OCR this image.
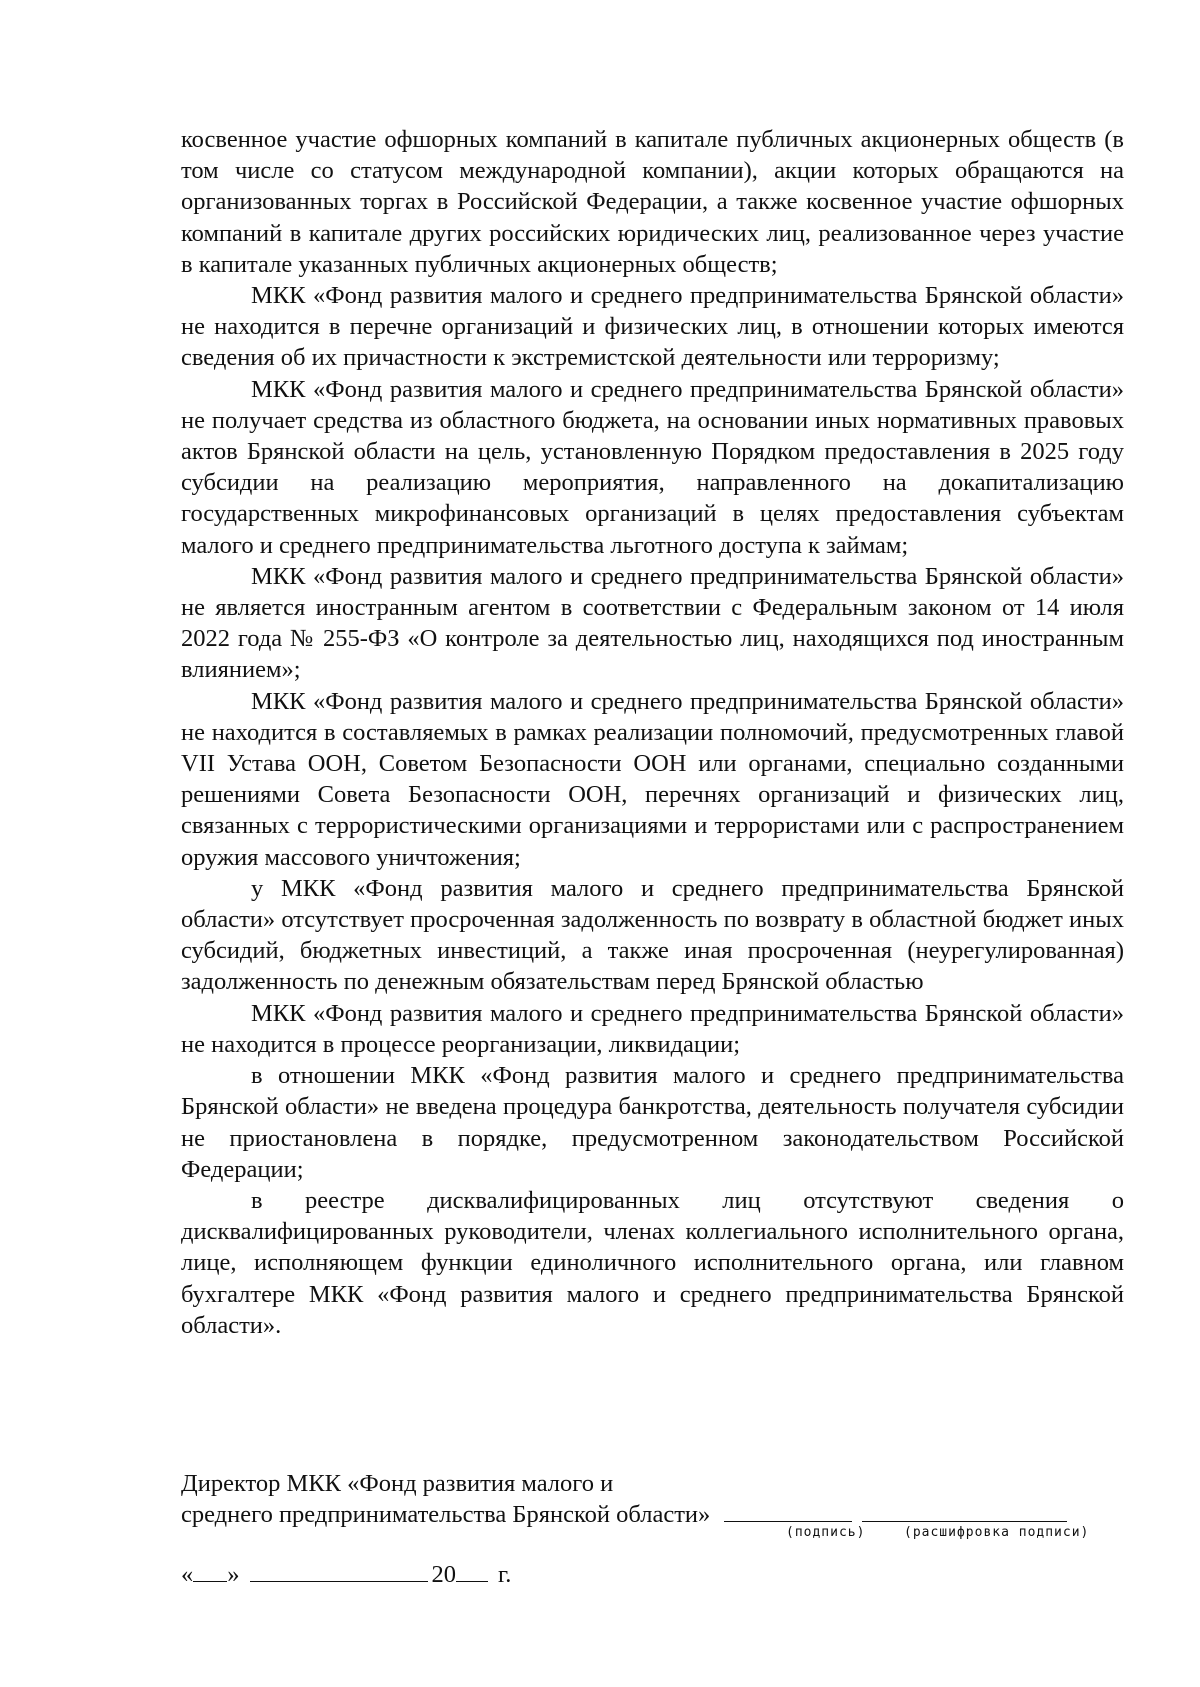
косвенное участие офшорных компаний в капитале публичных акционерных обществ (в том числе со статусом международной компании), акции которых обращаются на организованных торгах в Российской Федерации, а также косвенное участие офшорных компаний в капитале других российских юридических лиц, реализованное через участие в капитале указанных публичных акционерных обществ;

МКК «Фонд развития малого и среднего предпринимательства Брянской области» не находится в перечне организаций и физических лиц, в отношении которых имеются сведения об их причастности к экстремистской деятельности или терроризму;

МКК «Фонд развития малого и среднего предпринимательства Брянской области» не получает средства из областного бюджета, на основании иных нормативных правовых актов Брянской области на цель, установленную Порядком предоставления в 2025 году субсидии на реализацию мероприятия, направленного на докапитализацию государственных микрофинансовых организаций в целях предоставления субъектам малого и среднего предпринимательства льготного доступа к займам;

МКК «Фонд развития малого и среднего предпринимательства Брянской области» не является иностранным агентом в соответствии с Федеральным законом от 14 июля 2022 года № 255-ФЗ «О контроле за деятельностью лиц, находящихся под иностранным влиянием»;

МКК «Фонд развития малого и среднего предпринимательства Брянской области» не находится в составляемых в рамках реализации полномочий, предусмотренных главой VII Устава ООН, Советом Безопасности ООН или органами, специально созданными решениями Совета Безопасности ООН, перечнях организаций и физических лиц, связанных с террористическими организациями и террористами или с распространением оружия массового уничтожения;

у МКК «Фонд развития малого и среднего предпринимательства Брянской области» отсутствует просроченная задолженность по возврату в областной бюджет иных субсидий, бюджетных инвестиций, а также иная просроченная (неурегулированная) задолженность по денежным обязательствам перед Брянской областью

МКК «Фонд развития малого и среднего предпринимательства Брянской области» не находится в процессе реорганизации, ликвидации;

в отношении МКК «Фонд развития малого и среднего предпринимательства Брянской области» не введена процедура банкротства, деятельность получателя субсидии не приостановлена в порядке, предусмотренном законодательством Российской Федерации;

в реестре дисквалифицированных лиц отсутствуют сведения о дисквалифицированных руководители, членах коллегиального исполнительного органа, лице, исполняющем функции единоличного исполнительного органа, или главном бухгалтере МКК «Фонд развития малого и среднего предпринимательства Брянской области».

Директор МКК «Фонд развития малого и
среднего предпринимательства Брянской области»
(подпись)	(расшифровка подписи)
« »	20 г.
